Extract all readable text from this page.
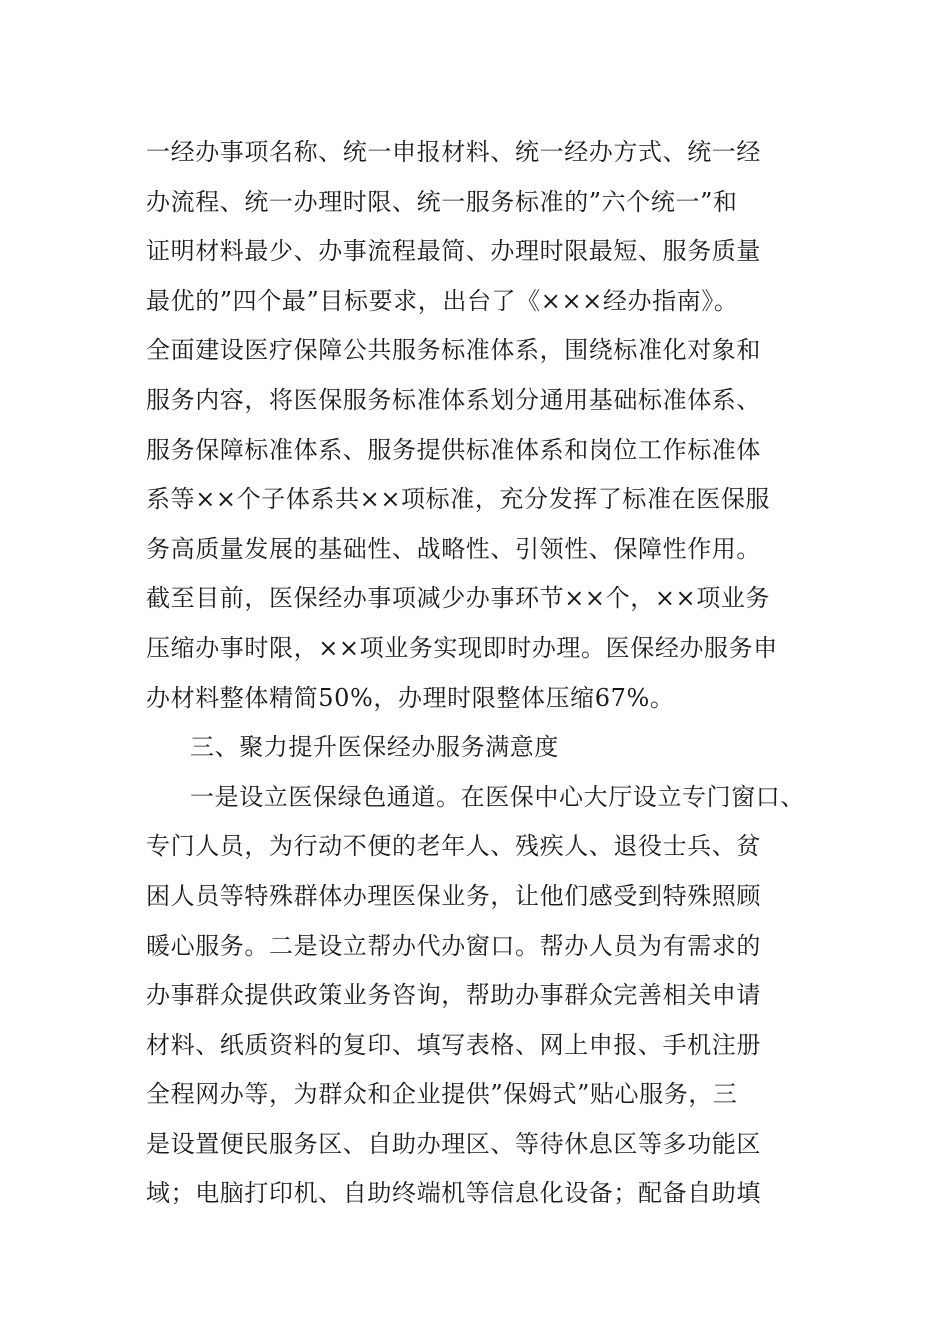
一经办事项名称、统一申报材料、统一经办方式、统一经
办流程、统一办理时限、统一服务标准的”六个统一”和
证明材料最少、办事流程最简、办理时限最短、服务质量
最优的”四个最”目标要求，出台了《×××经办指南》。
全面建设医疗保障公共服务标准体系，围绕标准化对象和
服务内容，将医保服务标准体系划分通用基础标准体系、
服务保障标准体系、服务提供标准体系和岗位工作标准体
系等××个子体系共××项标准，充分发挥了标准在医保服
务高质量发展的基础性、战略性、引领性、保障性作用。
截至目前，医保经办事项减少办事环节××个，××项业务
压缩办事时限，××项业务实现即时办理。医保经办服务申
办材料整体精简50%，办理时限整体压缩67%。
三、聚力提升医保经办服务满意度
一是设立医保绿色通道。在医保中心大厅设立专门窗口、
专门人员，为行动不便的老年人、残疾人、退役士兵、贫
困人员等特殊群体办理医保业务，让他们感受到特殊照顾
暖心服务。二是设立帮办代办窗口。帮办人员为有需求的
办事群众提供政策业务咨询，帮助办事群众完善相关申请
材料、纸质资料的复印、填写表格、网上申报、手机注册
全程网办等，为群众和企业提供”保姆式”贴心服务，三
是设置便民服务区、自助办理区、等待休息区等多功能区
域；电脑打印机、自助终端机等信息化设备；配备自助填
